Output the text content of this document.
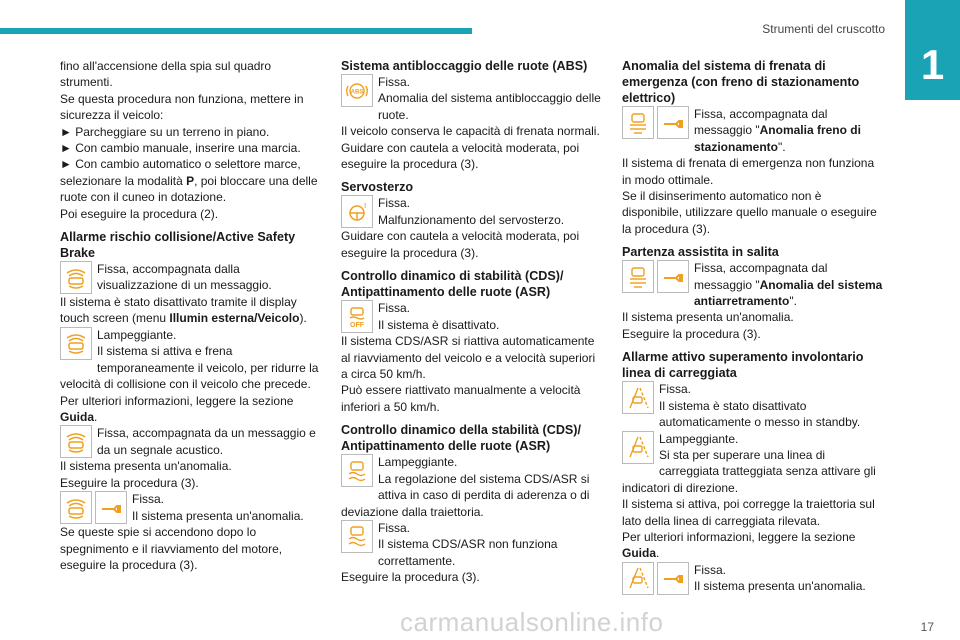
Strumenti del cruscotto
1

fino all'accensione della spia sul quadro strumenti.

Se questa procedura non funziona, mettere in sicurezza il veicolo:

► Parcheggiare su un terreno in piano.

► Con cambio manuale, inserire una marcia.

► Con cambio automatico o selettore marce, selezionare la modalità P, poi bloccare una delle ruote con il cuneo in dotazione.

Poi eseguire la procedura (2).

Allarme rischio collisione/Active Safety Brake

Fissa, accompagnata dalla visualizzazione di un messaggio.

Il sistema è stato disattivato tramite il display touch screen (menu Illumin esterna/Veicolo).

Lampeggiante.

Il sistema si attiva e frena temporaneamente il veicolo, per ridurre la velocità di collisione con il veicolo che precede.

Per ulteriori informazioni, leggere la sezione Guida.

Fissa, accompagnata da un messaggio e da un segnale acustico.

Il sistema presenta un'anomalia.

Eseguire la procedura (3).

Fissa.

Il sistema presenta un'anomalia.

Se queste spie si accendono dopo lo spegnimento e il riavviamento del motore, eseguire la procedura (3).

Sistema antibloccaggio delle ruote (ABS)

ABS

Fissa.

Anomalia del sistema antibloccaggio delle ruote.

Il veicolo conserva le capacità di frenata normali. Guidare con cautela a velocità moderata, poi eseguire la procedura (3).

Servosterzo

! Fissa.

Malfunzionamento del servosterzo.

Guidare con cautela a velocità moderata, poi eseguire la procedura (3).

Controllo dinamico di stabilità (CDS)/ Antipattinamento delle ruote (ASR)

OFF

Fissa.

Il sistema è disattivato.

Il sistema CDS/ASR si riattiva automaticamente al riavviamento del veicolo e a velocità superiori a circa 50 km/h.

Può essere riattivato manualmente a velocità inferiori a 50 km/h.

Controllo dinamico della stabilità (CDS)/ Antipattinamento delle ruote (ASR)

Lampeggiante.

La regolazione del sistema CDS/ASR si attiva in caso di perdita di aderenza o di deviazione dalla traiettoria.

Fissa.

Il sistema CDS/ASR non funziona correttamente.

Eseguire la procedura (3).

Anomalia del sistema di frenata di emergenza (con freno di stazionamento elettrico)

Fissa, accompagnata dal messaggio "Anomalia freno di stazionamento".

Il sistema di frenata di emergenza non funziona in modo ottimale.

Se il disinserimento automatico non è disponibile, utilizzare quello manuale o eseguire la procedura (3).

Partenza assistita in salita

Fissa, accompagnata dal messaggio "Anomalia del sistema antiarretramento".

Il sistema presenta un'anomalia.

Eseguire la procedura (3).

Allarme attivo superamento involontario linea di carreggiata

Fissa.

Il sistema è stato disattivato automaticamente o messo in standby.

Lampeggiante.

Si sta per superare una linea di carreggiata tratteggiata senza attivare gli indicatori di direzione.

Il sistema si attiva, poi corregge la traiettoria sul lato della linea di carreggiata rilevata.

Per ulteriori informazioni, leggere la sezione Guida.

Fissa.

Il sistema presenta un'anomalia.

carmanualsonline.info	17
